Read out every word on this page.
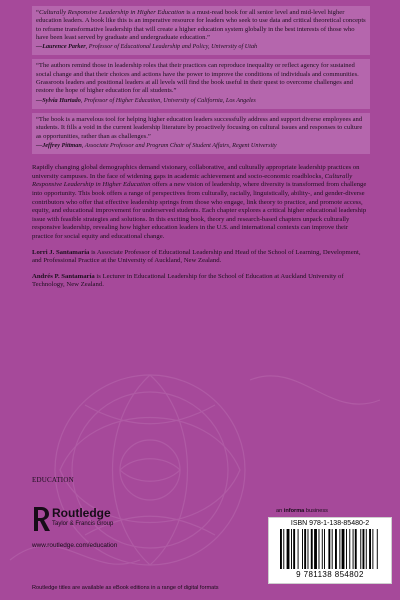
“Culturally Responsive Leadership in Higher Education is a must-read book for all senior level and mid-level higher education leaders. A book like this is an imperative resource for leaders who seek to use data and critical theoretical concepts to reframe transformative leadership that will create a higher education system globally in the best interests of those who have been least served by graduate and undergraduate education.”

—Laurence Parker, Professor of Educational Leadership and Policy, University of Utah

“The authors remind those in leadership roles that their practices can reproduce inequality or reflect agency for sustained social change and that their choices and actions have the power to improve the conditions of individuals and communities. Grassroots leaders and positional leaders at all levels will find the book useful in their quest to overcome challenges and restore the hope of higher education for all students.”

—Sylvia Hurtado, Professor of Higher Education, University of California, Los Angeles

“The book is a marvelous tool for helping higher education leaders successfully address and support diverse employees and students. It fills a void in the current leadership literature by proactively focusing on cultural issues and responses to culture as opportunities, rather than as challenges.”

—Jeffrey Pittman, Associate Professor and Program Chair of Student Affairs, Regent University

Rapidly changing global demographics demand visionary, collaborative, and culturally appropriate leadership practices on university campuses. In the face of widening gaps in academic achievement and socio-economic roadblocks, Culturally Responsive Leadership in Higher Education offers a new vision of leadership, where diversity is transformed from challenge into opportunity. This book offers a range of perspectives from culturally, racially, linguistically, ability-, and gender-diverse contributors who offer that effective leadership springs from those who engage, link theory to practice, and promote access, equity, and educational improvement for underserved students. Each chapter explores a critical higher educational leadership issue with feasible strategies and solutions. In this exciting book, theory and research-based chapters unpack culturally responsive leadership, revealing how higher education leaders in the U.S. and international contexts can improve their practice for social equity and educational change.

Lorri J. Santamaría is Associate Professor of Educational Leadership and Head of the School of Learning, Development, and Professional Practice at the University of Auckland, New Zealand.

Andrés P. Santamaría is Lecturer in Educational Leadership for the School of Education at Auckland University of Technology, New Zealand.

EDUCATION
Routledge
Taylor & Francis Group
www.routledge.com/education
Routledge titles are available as eBook editions in a range of digital formats
an informa business
ISBN 978-1-138-85480-2
9 781138 854802
